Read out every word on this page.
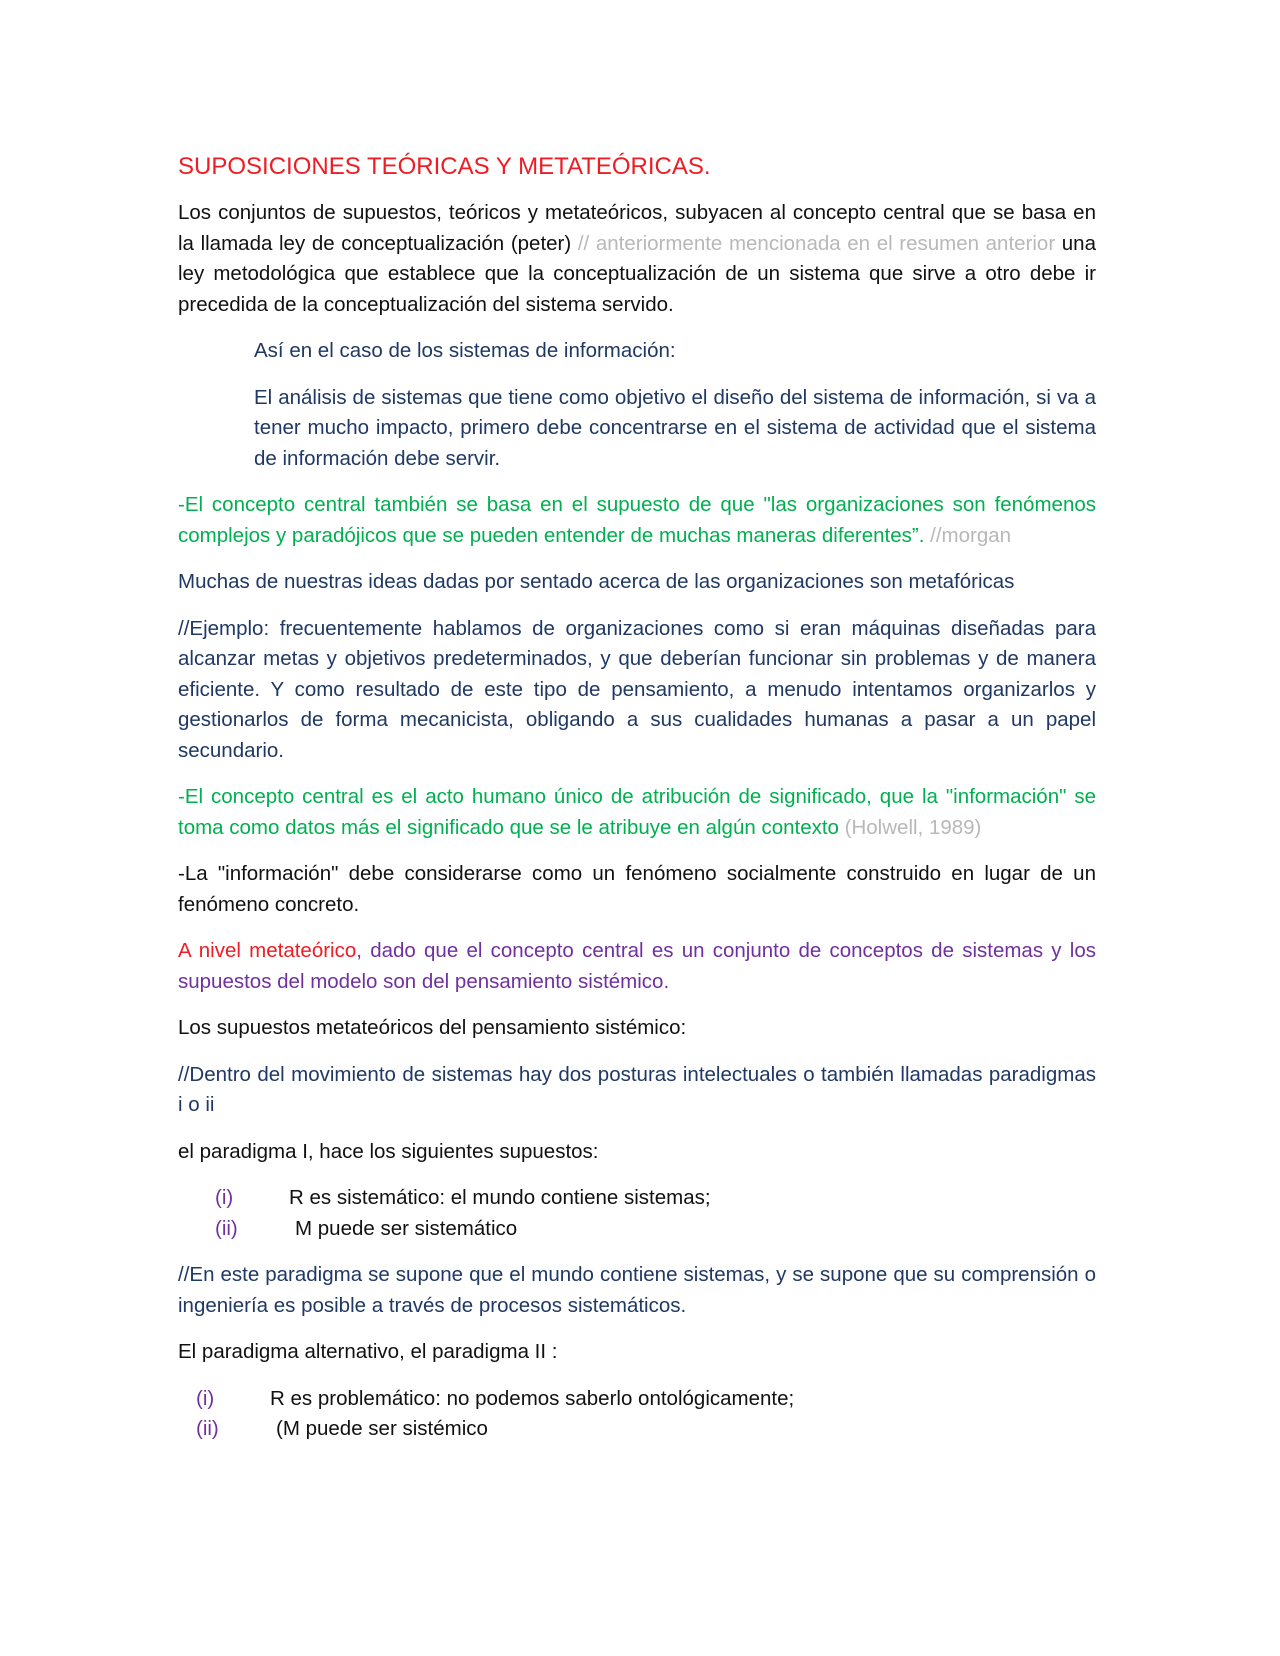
SUPOSICIONES TEÓRICAS Y METATEÓRICAS.

Los conjuntos de supuestos, teóricos y metateóricos, subyacen al concepto central que se basa en la llamada ley de conceptualización (peter) // anteriormente mencionada en el resumen anterior una ley metodológica que establece que la conceptualización de un sistema que sirve a otro debe ir precedida de la conceptualización del sistema servido.

Así en el caso de los sistemas de información:

El análisis de sistemas que tiene como objetivo el diseño del sistema de información, si va a tener mucho impacto, primero debe concentrarse en el sistema de actividad que el sistema de información debe servir.

-El concepto central también se basa en el supuesto de que "las organizaciones son fenómenos complejos y paradójicos que se pueden entender de muchas maneras diferentes”. //morgan

Muchas de nuestras ideas dadas por sentado acerca de las organizaciones son metafóricas

//Ejemplo: frecuentemente hablamos de organizaciones como si eran máquinas diseñadas para alcanzar metas y objetivos predeterminados, y que deberían funcionar sin problemas y de manera eficiente. Y como resultado de este tipo de pensamiento, a menudo intentamos organizarlos y gestionarlos de forma mecanicista, obligando a sus cualidades humanas a pasar a un papel secundario.

-El concepto central es el acto humano único de atribución de significado, que la "información" se toma como datos más el significado que se le atribuye en algún contexto (Holwell, 1989)

-La "información" debe considerarse como un fenómeno socialmente construido en lugar de un fenómeno concreto.

A nivel metateórico, dado que el concepto central es un conjunto de conceptos de sistemas y los supuestos del modelo son del pensamiento sistémico.

Los supuestos metateóricos del pensamiento sistémico:

//Dentro del movimiento de sistemas hay dos posturas intelectuales o también llamadas paradigmas i o ii

el paradigma I, hace los siguientes supuestos:

(i)	R es sistemático: el mundo contiene sistemas;
(ii)	M puede ser sistemático

//En este paradigma se supone que el mundo contiene sistemas, y se supone que su comprensión o ingeniería es posible a través de procesos sistemáticos.

El paradigma alternativo, el paradigma II :

(i)	R es problemático: no podemos saberlo ontológicamente;
(ii)	(M puede ser sistémico
